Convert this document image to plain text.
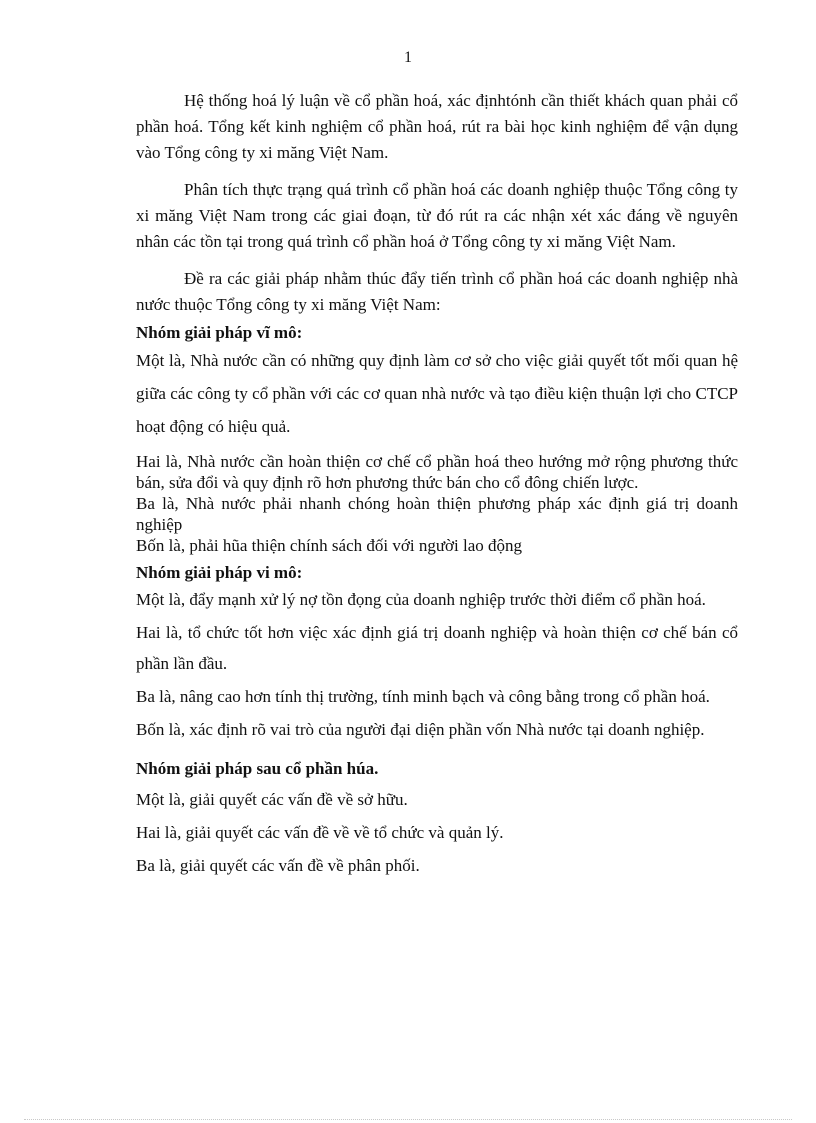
1

Hệ thống hoá lý luận về cổ phần hoá, xác địnhtónh cần thiết khách quan phải cổ phần hoá. Tổng kết kinh nghiệm cổ phần hoá, rút ra bài học kinh nghiệm để vận dụng vào Tổng công ty xi măng Việt Nam.

Phân tích thực trạng quá trình cổ phần hoá các doanh nghiệp thuộc Tổng công ty xi măng Việt Nam trong các giai đoạn, từ đó rút ra các nhận xét xác đáng về nguyên nhân các tồn tại trong quá trình cổ phần hoá ở Tổng công ty xi măng Việt Nam.

Đề ra các giải pháp nhằm thúc đẩy tiến trình cổ phần hoá các doanh nghiệp nhà nước thuộc Tổng công ty xi măng Việt Nam:

Nhóm giải pháp vĩ mô:

Một là, Nhà nước cần có những quy định làm cơ sở cho việc giải quyết tốt mối quan hệ giữa các công ty cổ phần với các cơ quan nhà nước và tạo điều kiện thuận lợi cho CTCP hoạt động có hiệu quả.

Hai là, Nhà nước cần hoàn thiện cơ chế cổ phần hoá theo hướng mở rộng phương thức bán, sửa đổi và quy định rõ hơn phương thức bán cho cổ đông chiến lược.

Ba là, Nhà nước phải nhanh chóng hoàn thiện phương pháp xác định giá trị doanh nghiệp

Bốn là, phải hũa thiện chính sách đối với người lao động

Nhóm giải pháp vi mô:

Một là, đẩy mạnh xử lý nợ tồn đọng của doanh nghiệp trước thời điểm cổ phần hoá.

Hai là, tổ chức tốt hơn việc xác định giá trị doanh nghiệp và hoàn thiện cơ chế bán cổ phần lần đầu.

Ba là, nâng cao hơn tính thị trường, tính minh bạch và công bằng trong cổ phần hoá.

Bốn là, xác định rõ vai trò của người đại diện phần vốn Nhà nước tại doanh nghiệp.

Nhóm giải pháp sau cổ phần húa.

Một là, giải quyết các vấn đề về sở hữu.

Hai là, giải quyết các vấn đề về về tổ chức và quản lý.

Ba là, giải quyết các vấn đề về phân phối.
